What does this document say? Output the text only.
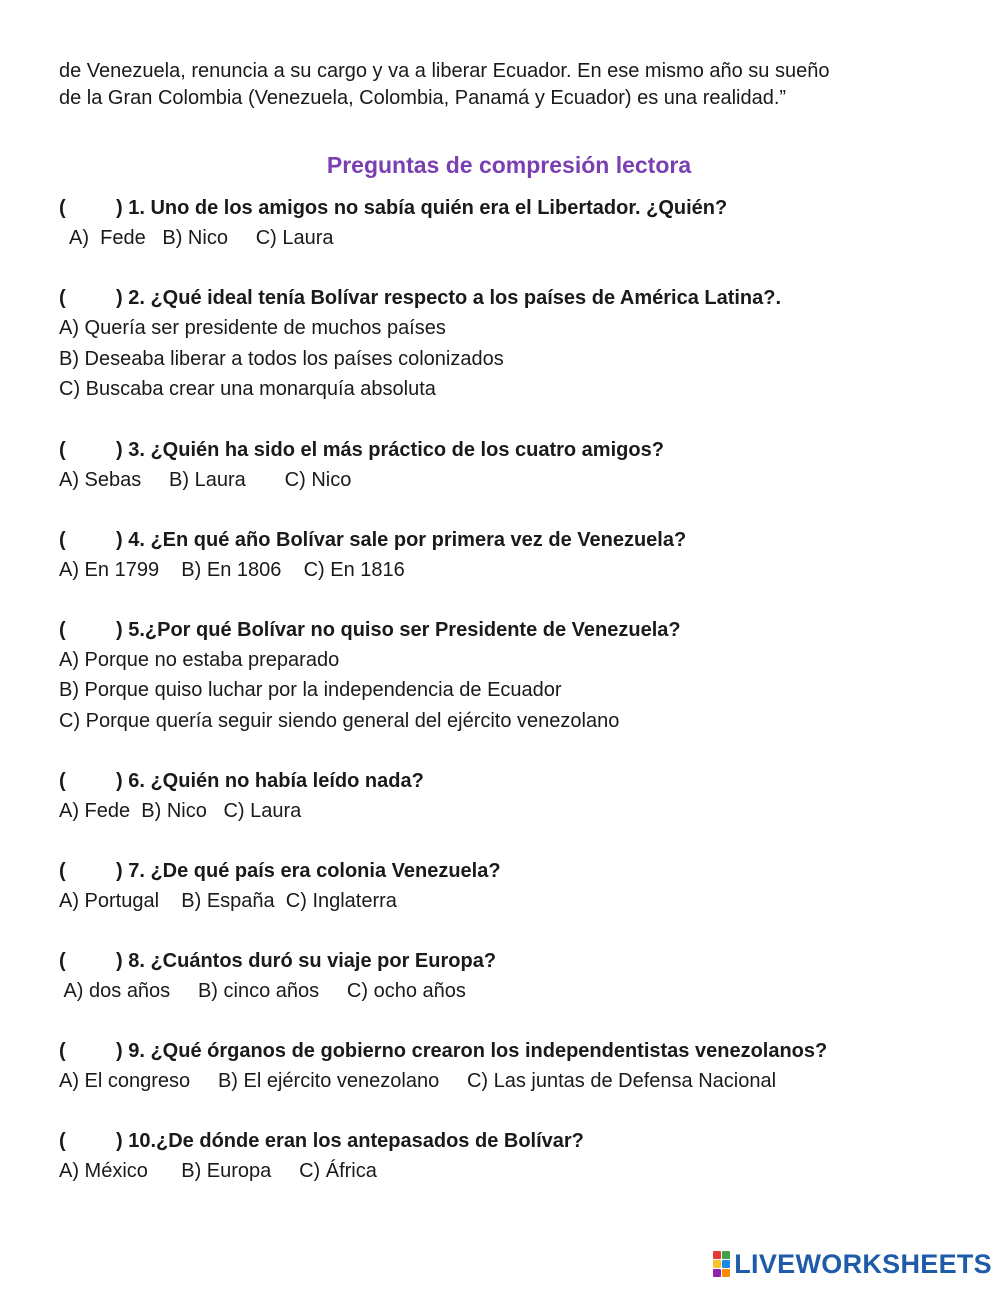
de Venezuela, renuncia a su cargo y va a liberar Ecuador. En ese mismo año su sueño

de la Gran Colombia (Venezuela, Colombia, Panamá y Ecuador) es una realidad.”

Preguntas de compresión lectora
(	) 1. Uno de los amigos no sabía quién era el Libertador. ¿Quién?
A)  Fede   B) Nico     C) Laura
(	) 2. ¿Qué ideal tenía Bolívar respecto a los países de América Latina?.
A) Quería ser presidente de muchos países
B) Deseaba liberar a todos los países colonizados
C) Buscaba crear una monarquía absoluta
(	) 3. ¿Quién ha sido el más práctico de los cuatro amigos?
A) Sebas     B) Laura       C) Nico
(	) 4. ¿En qué año Bolívar sale por primera vez de Venezuela?
A) En 1799    B) En 1806    C) En 1816
(	) 5.¿Por qué Bolívar no quiso ser Presidente de Venezuela?
A) Porque no estaba preparado
B) Porque quiso luchar por la independencia de Ecuador
C) Porque quería seguir siendo general del ejército venezolano
(	) 6. ¿Quién no había leído nada?
A) Fede  B) Nico   C) Laura
(	) 7. ¿De qué país era colonia Venezuela?
A) Portugal    B) España  C) Inglaterra
(	) 8. ¿Cuántos duró su viaje por Europa?
A) dos años     B) cinco años     C) ocho años
(	) 9. ¿Qué órganos de gobierno crearon los independentistas venezolanos?
A) El congreso     B) El ejército venezolano     C) Las juntas de Defensa Nacional
(	) 10.¿De dónde eran los antepasados de Bolívar?
A) México      B) Europa     C) África
LIVEWORKSHEETS
